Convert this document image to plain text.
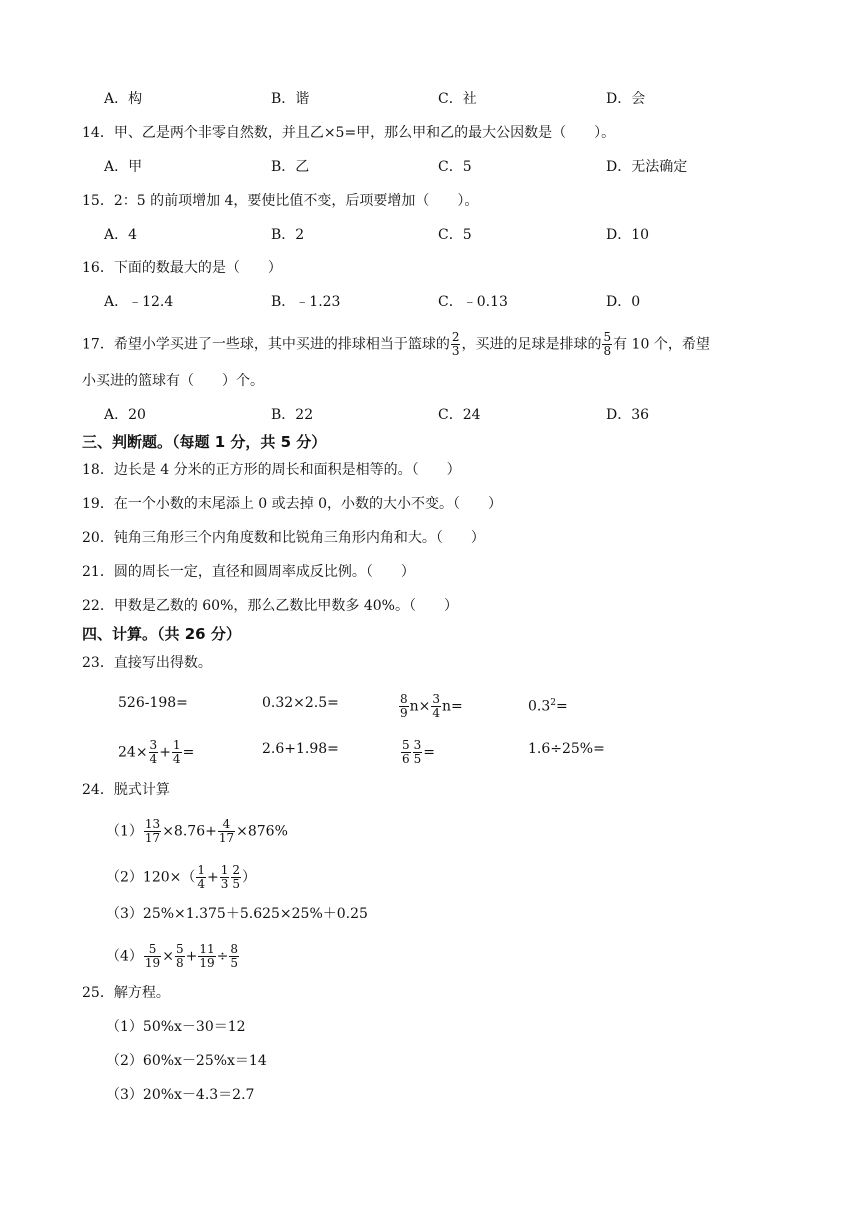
A．构	B．谐	C．社	D．会
14．甲、乙是两个非零自然数，并且乙×5=甲，那么甲和乙的最大公因数是（　　）。
A．甲	B．乙	C．5	D．无法确定
15．2：5 的前项增加 4，要使比值不变，后项要增加（　　）。
A．4	B．2	C．5	D．10
16．下面的数最大的是（　　）
A．﹣12.4	B．﹣1.23	C．﹣0.13	D．0
17．希望小学买进了一些球，其中买进的排球相当于篮球的 $\frac{2}{3}$ ，买进的足球是排球的 $\frac{5}{8}$ 有 10 个，希望
小买进的篮球有（　　）个。
A．20	B．22	C．24	D．36
三、判断题。（每题 1 分，共 5 分）
18．边长是 4 分米的正方形的周长和面积是相等的。（　　）
19．在一个小数的末尾添上 0 或去掉 0，小数的大小不变。（　　）
20．钝角三角形三个内角度数和比锐角三角形内角和大。（　　）
21．圆的周长一定，直径和圆周率成反比例。（　　）
22．甲数是乙数的 60%，那么乙数比甲数多 40%。（　　）
四、计算。（共 26 分）
23．直接写出得数。
526-198=	0.32×2.5=	$\frac{8}{9} n\times \frac{3}{4} n=$	$0.3^2=$
$24\times \frac{3}{4} + \frac{1}{4}$ =	2.6+1.98=	$\frac{5}{6} \frac{3}{5}$ =	1.6÷25%=
24．脱式计算
$(1) \frac{13}{17} \times 8.76+ \frac{4}{17} \times 876\%$
$(2)120\times( \frac{1}{4} + \frac{1}{3} \frac{2}{5}$ ）
（3）25%×1.375＋5.625×25%＋0.25
$(4) \frac{5}{19} \times \frac{5}{8} + \frac{11}{19} \div \frac{8}{5}$
25．解方程。
（1）50%x－30＝12
（2）60%x－25%x＝14
（3）20%x－4.3＝2.7
